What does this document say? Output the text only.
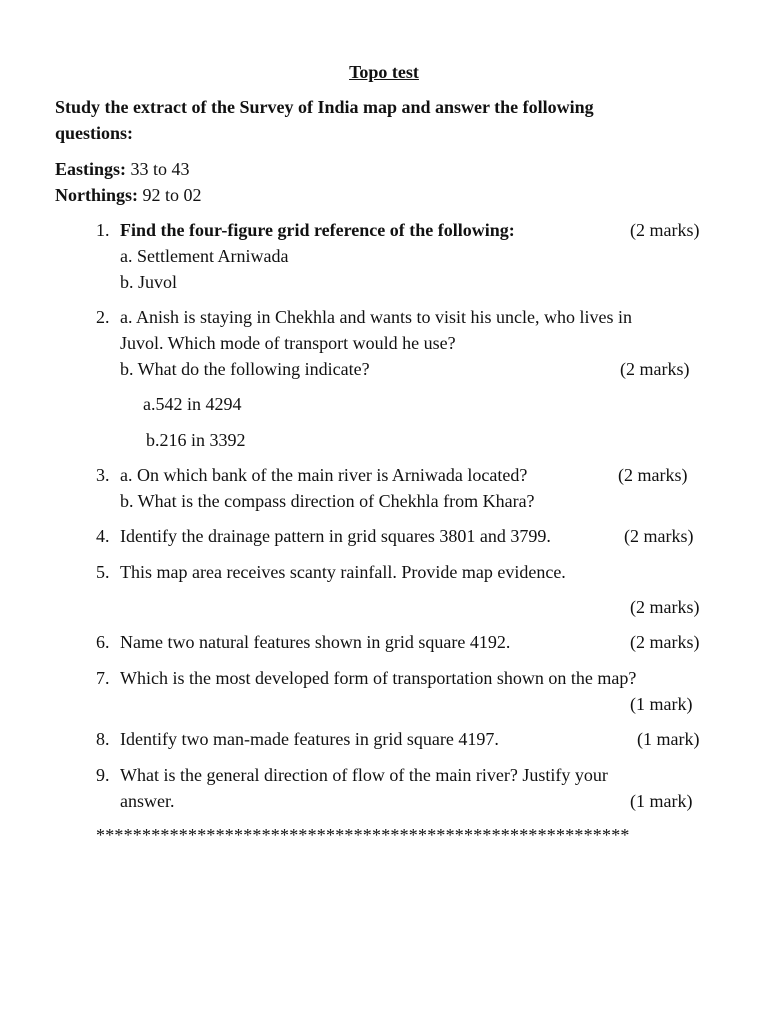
Topo test
Study the extract of the Survey of India map and answer the following
questions:
Eastings: 33 to 43
Northings: 92 to 02
1. Find the four-figure grid reference of the following:	(2 marks)
a. Settlement Arniwada
b. Juvol
2. a. Anish is staying in Chekhla and wants to visit his uncle, who lives in
Juvol. Which mode of transport would he use?
b. What do the following indicate?	(2 marks)
a.542 in 4294
b.216 in 3392
3. a. On which bank of the main river is Arniwada located?	(2 marks)
b. What is the compass direction of Chekhla from Khara?
4. Identify the drainage pattern in grid squares 3801 and 3799.	(2 marks)
5. This map area receives scanty rainfall. Provide map evidence.
(2 marks)
6. Name two natural features shown in grid square 4192.	(2 marks)
7. Which is the most developed form of transportation shown on the map?
(1 mark)
8. Identify two man-made features in grid square 4197.	(1 mark)
9. What is the general direction of flow of the main river? Justify your
answer.	(1 mark)
**********************************************************
